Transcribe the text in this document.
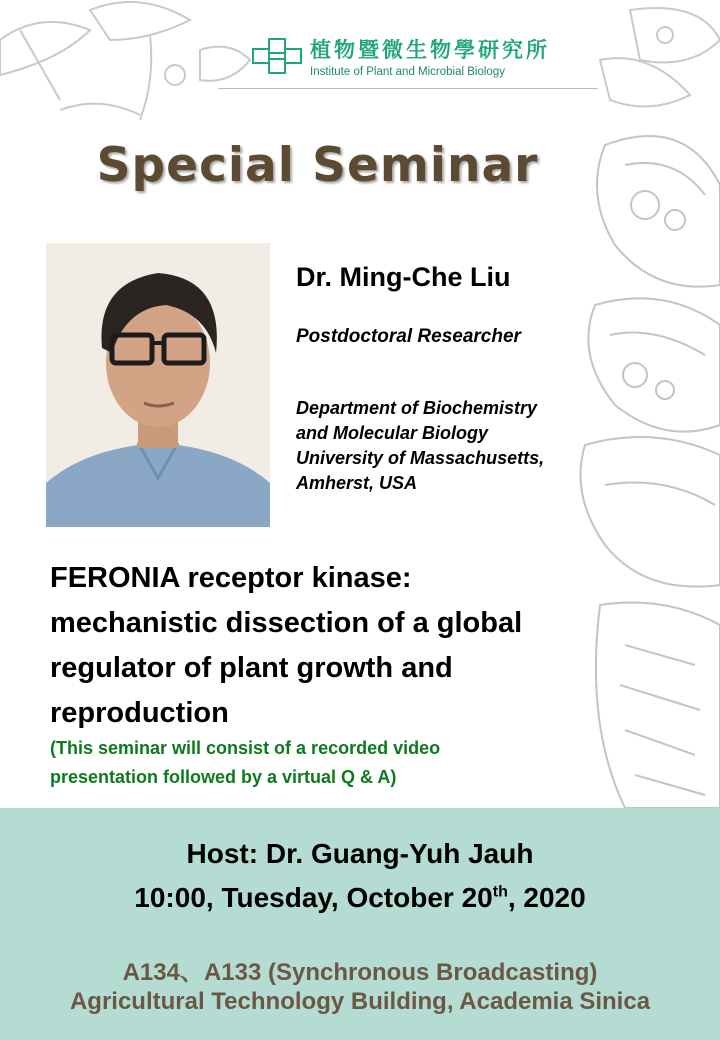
植物暨微生物學研究所
Institute of Plant and Microbial Biology
Special Seminar
Dr. Ming-Che Liu
Postdoctoral Researcher
Department of Biochemistry
and Molecular Biology
University of Massachusetts,
Amherst, USA
FERONIA receptor kinase:
mechanistic dissection of a global
regulator of plant growth and
reproduction
(This seminar will consist of a recorded video
presentation followed by a virtual Q & A)
Host: Dr. Guang-Yuh Jauh
10:00, Tuesday, October 20th, 2020
A134、A133 (Synchronous Broadcasting)
Agricultural Technology Building, Academia Sinica
